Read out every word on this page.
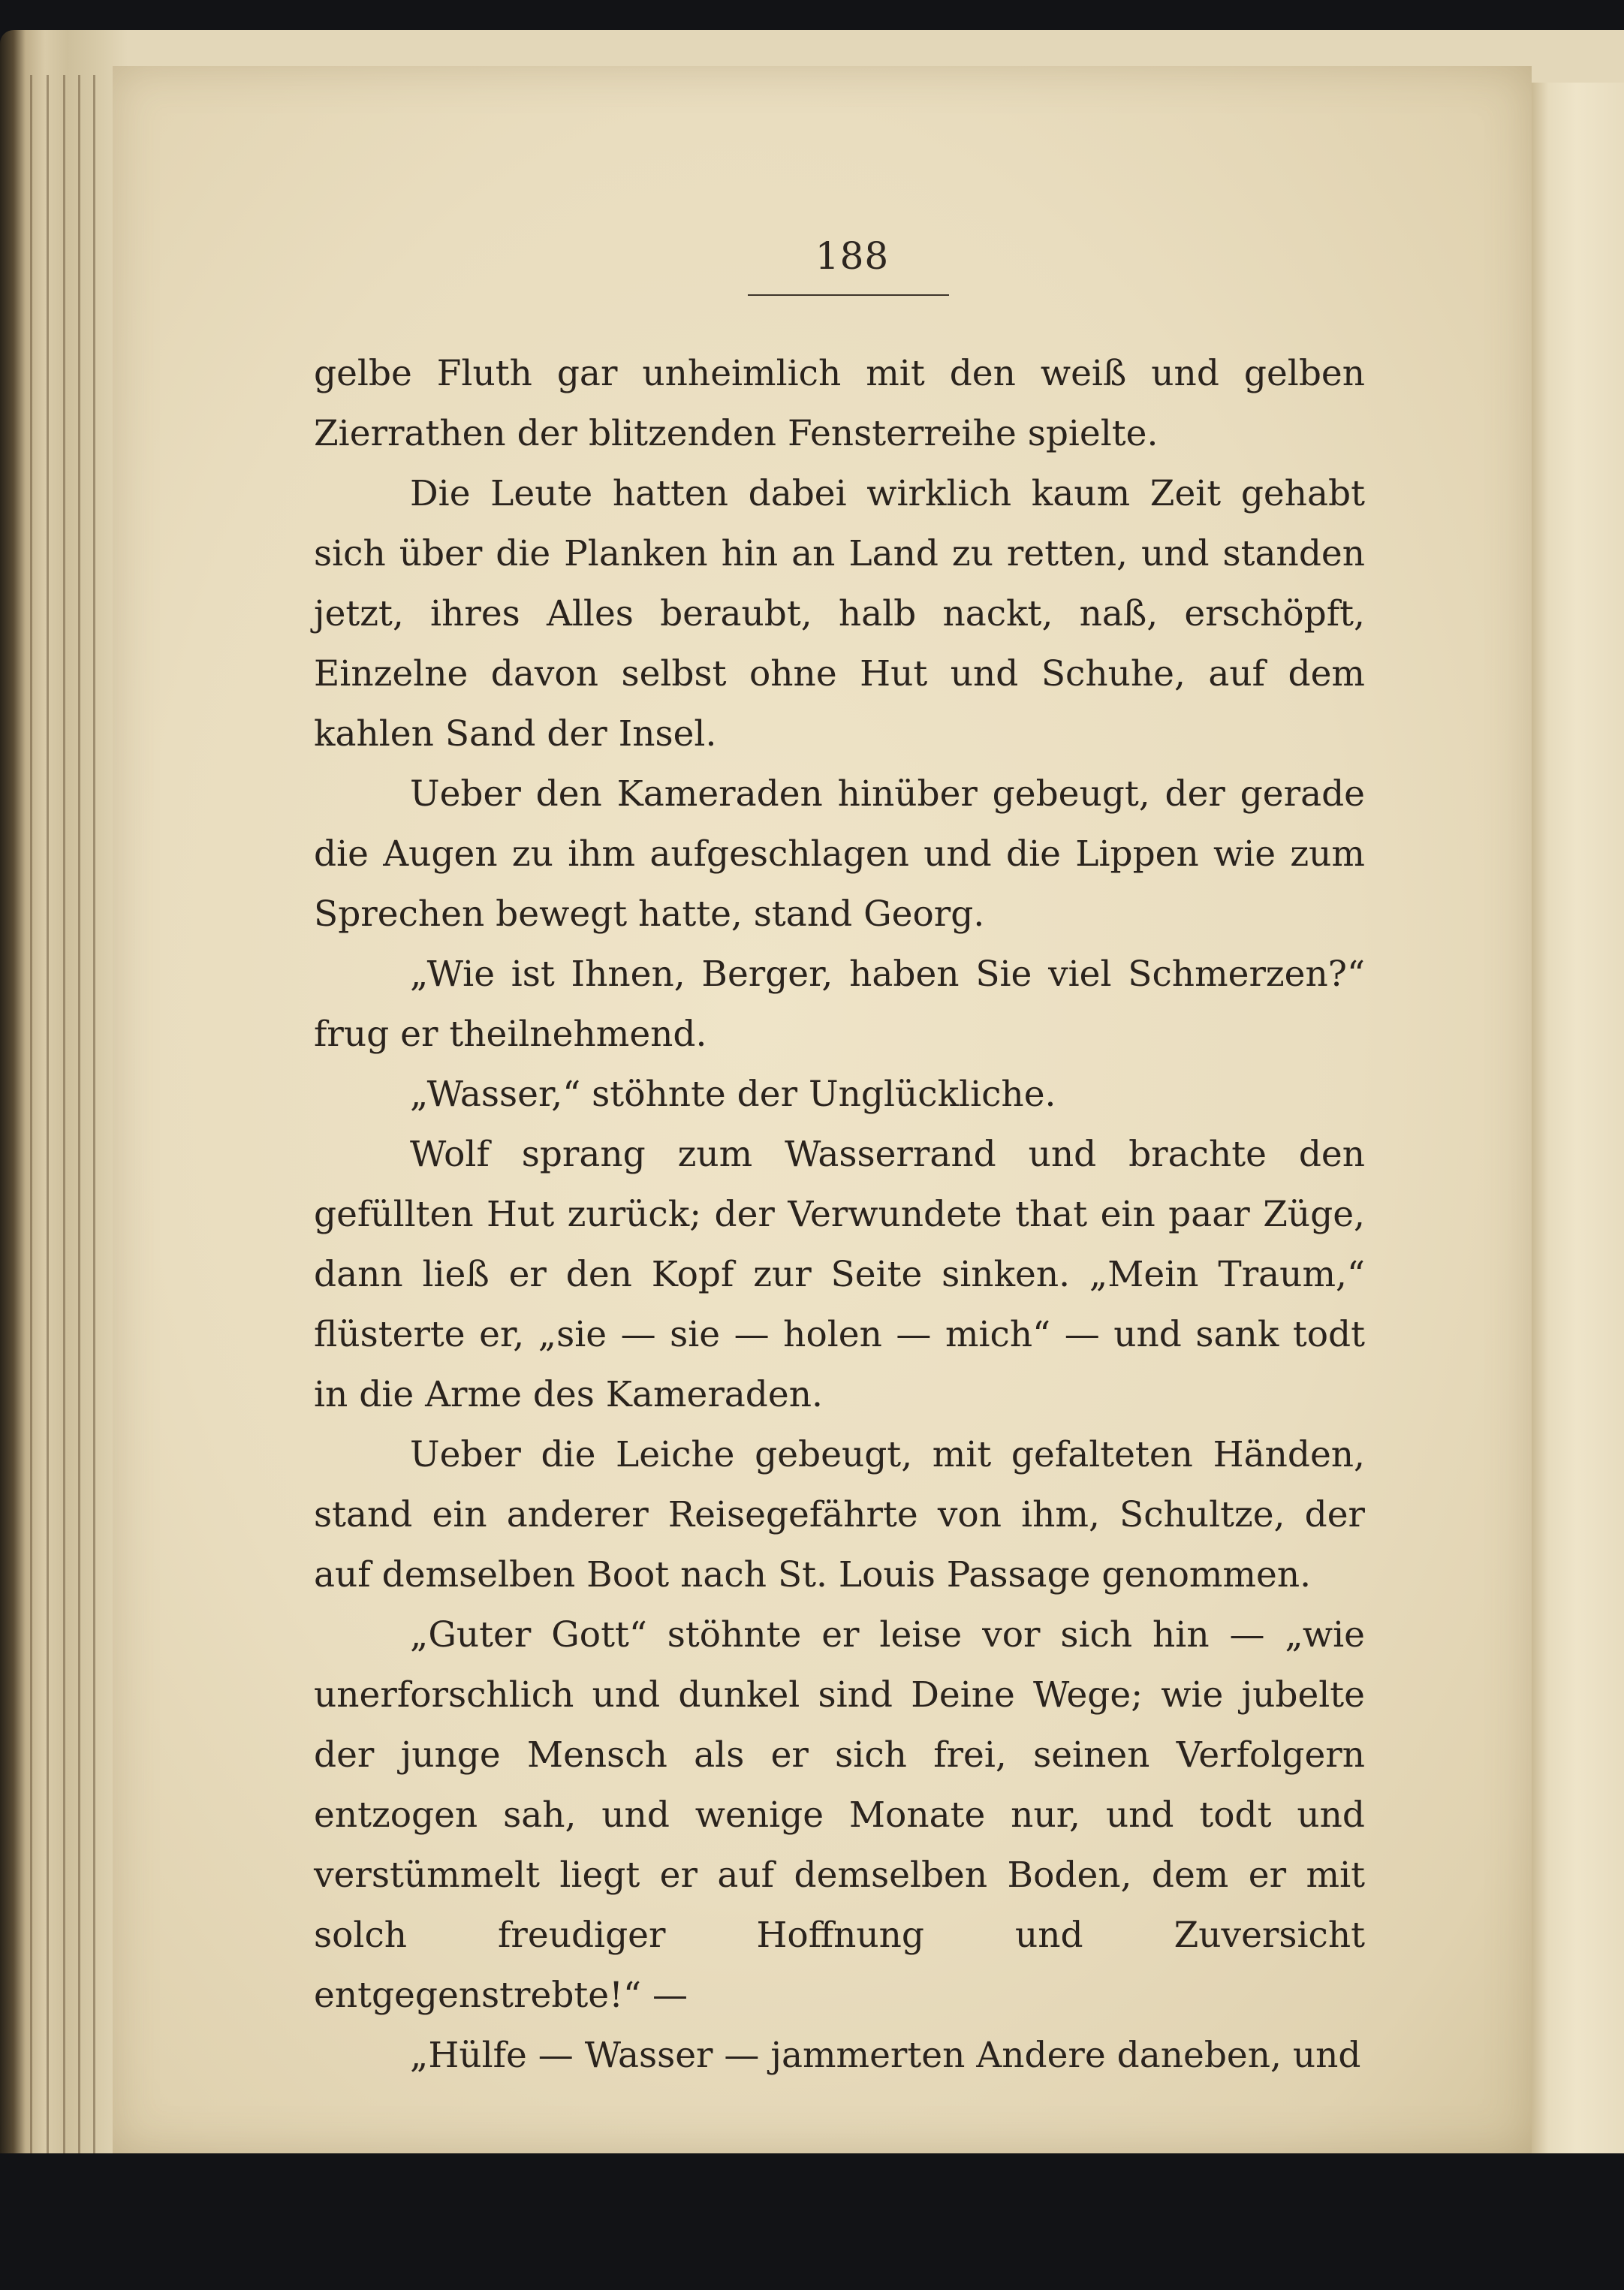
188

gelbe Fluth gar unheimlich mit den weiß und gelben Zierrathen der blitzenden Fensterreihe spielte.

Die Leute hatten dabei wirklich kaum Zeit gehabt sich über die Planken hin an Land zu retten, und standen jetzt, ihres Alles beraubt, halb nackt, naß, erschöpft, Einzelne davon selbst ohne Hut und Schuhe, auf dem kahlen Sand der Insel.

Ueber den Kameraden hinüber gebeugt, der gerade die Augen zu ihm aufgeschlagen und die Lippen wie zum Sprechen bewegt hatte, stand Georg.

„Wie ist Ihnen, Berger, haben Sie viel Schmerzen?“ frug er theilnehmend.

„Wasser,“ stöhnte der Unglückliche.

Wolf sprang zum Wasserrand und brachte den gefüllten Hut zurück; der Verwundete that ein paar Züge, dann ließ er den Kopf zur Seite sinken. „Mein Traum,“ flüsterte er, „sie — sie — holen — mich“ — und sank todt in die Arme des Kameraden.

Ueber die Leiche gebeugt, mit gefalteten Händen, stand ein anderer Reisegefährte von ihm, Schultze, der auf demselben Boot nach St. Louis Passage genommen.

„Guter Gott“ stöhnte er leise vor sich hin — „wie unerforschlich und dunkel sind Deine Wege; wie jubelte der junge Mensch als er sich frei, seinen Verfolgern entzogen sah, und wenige Monate nur, und todt und verstümmelt liegt er auf demselben Boden, dem er mit solch freudiger Hoffnung und Zuversicht entgegenstrebte!“ —

„Hülfe — Wasser — jammerten Andere daneben, und
